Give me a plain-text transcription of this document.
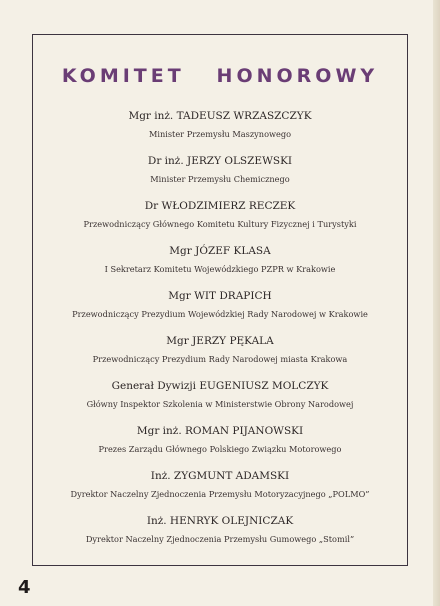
KOMITET   HONOROWY
Mgr inż. TADEUSZ WRZASZCZYK
Minister Przemysłu Maszynowego
Dr inż. JERZY OLSZEWSKI
Minister Przemysłu Chemicznego
Dr WŁODZIMIERZ RECZEK
Przewodniczący Głównego Komitetu Kultury Fizycznej i Turystyki
Mgr JÓZEF KLASA
I Sekretarz Komitetu Wojewódzkiego PZPR w Krakowie
Mgr WIT DRAPICH
Przewodniczący Prezydium Wojewódzkiej Rady Narodowej w Krakowie
Mgr JERZY PĘKALA
Przewodniczący Prezydium Rady Narodowej miasta Krakowa
Generał Dywizji EUGENIUSZ MOLCZYK
Główny Inspektor Szkolenia w Ministerstwie Obrony Narodowej
Mgr inż. ROMAN PIJANOWSKI
Prezes Zarządu Głównego Polskiego Związku Motorowego
Inż. ZYGMUNT ADAMSKI
Dyrektor Naczelny Zjednoczenia Przemysłu Motoryzacyjnego „POLMO”
Inż. HENRYK OLEJNICZAK
Dyrektor Naczelny Zjednoczenia Przemysłu Gumowego „Stomil”
4
